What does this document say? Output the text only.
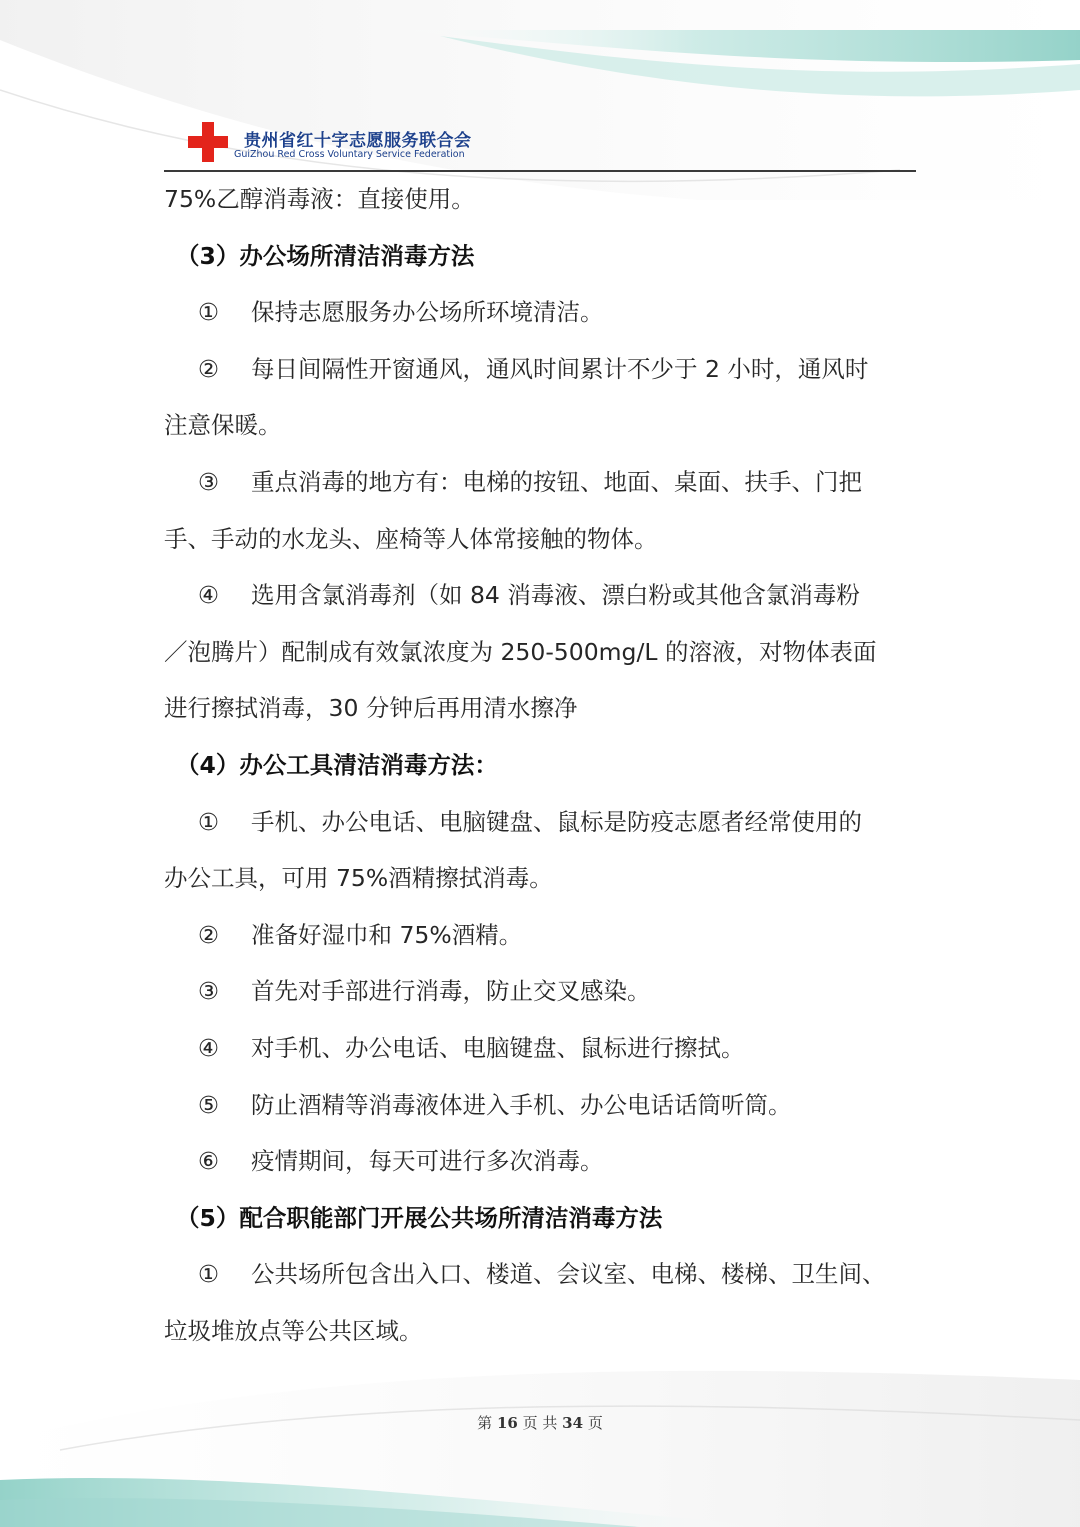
贵州省红十字志愿服务联合会
GuiZhou Red Cross Voluntary Service Federation
75%乙醇消毒液：直接使用。
（3）办公场所清洁消毒方法
① 保持志愿服务办公场所环境清洁。
② 每日间隔性开窗通风，通风时间累计不少于 2 小时，通风时
注意保暖。
③ 重点消毒的地方有：电梯的按钮、地面、桌面、扶手、门把
手、手动的水龙头、座椅等人体常接触的物体。
④ 选用含氯消毒剂（如 84 消毒液、漂白粉或其他含氯消毒粉
／泡腾片）配制成有效氯浓度为 250-500mg/L 的溶液，对物体表面
进行擦拭消毒，30 分钟后再用清水擦净
（4）办公工具清洁消毒方法：
① 手机、办公电话、电脑键盘、鼠标是防疫志愿者经常使用的
办公工具，可用 75%酒精擦拭消毒。
② 准备好湿巾和 75%酒精。
③ 首先对手部进行消毒，防止交叉感染。
④ 对手机、办公电话、电脑键盘、鼠标进行擦拭。
⑤ 防止酒精等消毒液体进入手机、办公电话话筒听筒。
⑥ 疫情期间，每天可进行多次消毒。
（5）配合职能部门开展公共场所清洁消毒方法
① 公共场所包含出入口、楼道、会议室、电梯、楼梯、卫生间、
垃圾堆放点等公共区域。
第 16 页 共 34 页
